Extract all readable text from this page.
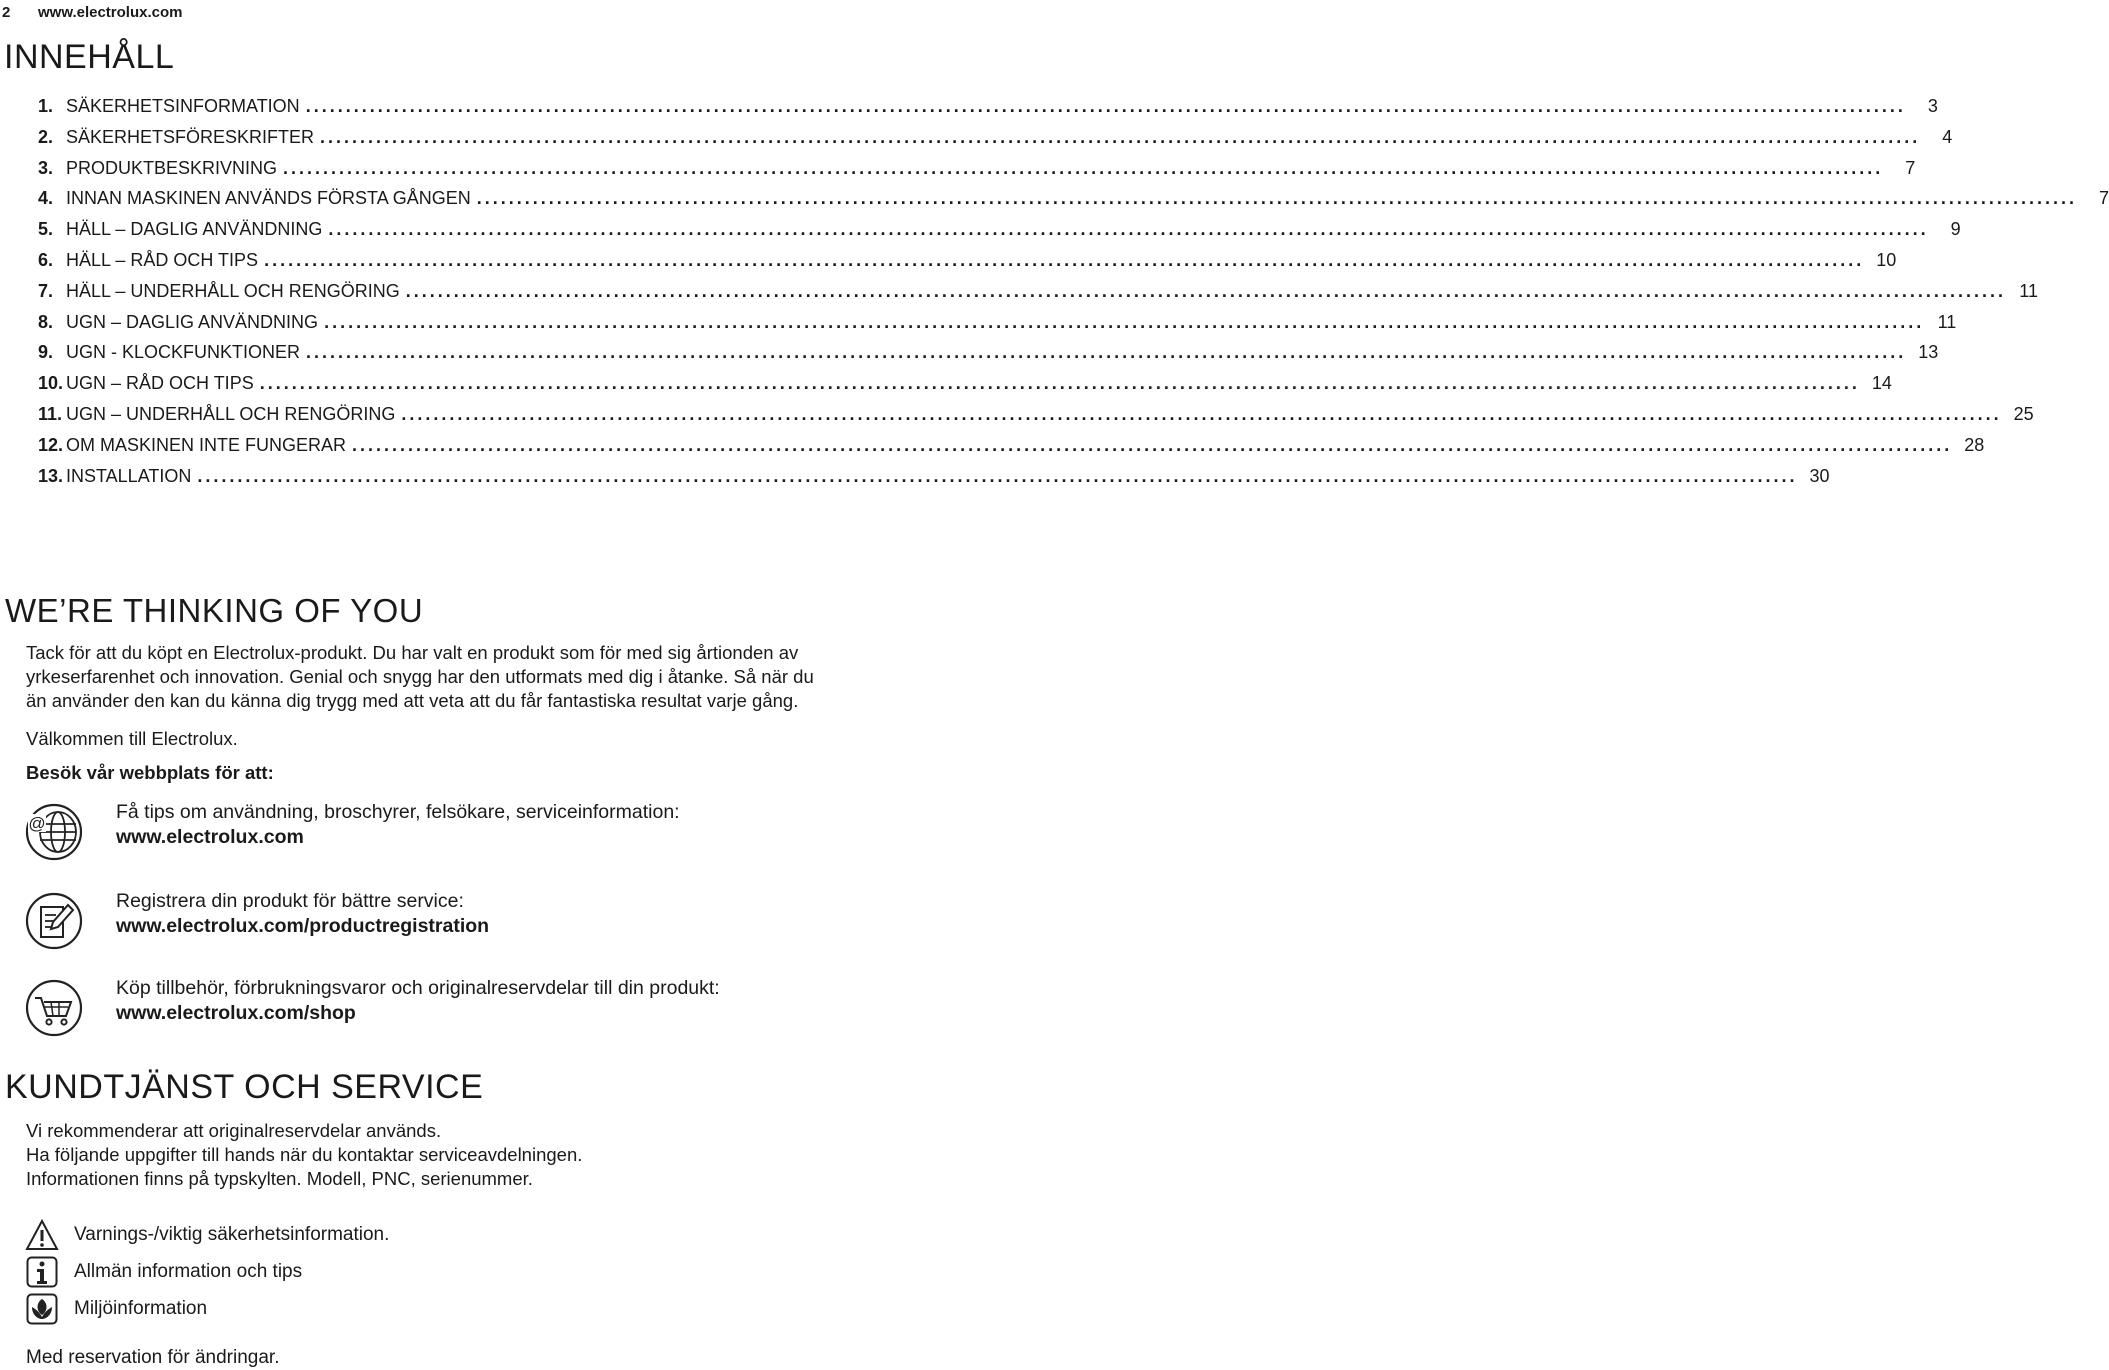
2	www.electrolux.com
INNEHÅLL
1. SÄKERHETSINFORMATION ........................................................................................................................................................................................................	3
2. SÄKERHETSFÖRESKRIFTER ........................................................................................................................................................................................................	4
3. PRODUKTBESKRIVNING ........................................................................................................................................................................................................	7
4. INNAN MASKINEN ANVÄNDS FÖRSTA GÅNGEN ........................................................................................................................................................................................................	7
5. HÄLL – DAGLIG ANVÄNDNING ........................................................................................................................................................................................................	9
6. HÄLL – RÅD OCH TIPS ........................................................................................................................................................................................................ 10
7. HÄLL – UNDERHÅLL OCH RENGÖRING ........................................................................................................................................................................................................ 11
8. UGN – DAGLIG ANVÄNDNING ........................................................................................................................................................................................................ 11
9. UGN - KLOCKFUNKTIONER ........................................................................................................................................................................................................ 13
10. UGN – RÅD OCH TIPS ........................................................................................................................................................................................................ 14
11. UGN – UNDERHÅLL OCH RENGÖRING ........................................................................................................................................................................................................ 25
12. OM MASKINEN INTE FUNGERAR ........................................................................................................................................................................................................ 28
13. INSTALLATION ........................................................................................................................................................................................................ 30
WE’RE THINKING OF YOU
Tack för att du köpt en Electrolux-produkt. Du har valt en produkt som för med sig årtionden av
yrkeserfarenhet och innovation. Genial och snygg har den utformats med dig i åtanke. Så när du
än använder den kan du känna dig trygg med att veta att du får fantastiska resultat varje gång.
Välkommen till Electrolux.
Besök vår webbplats för att:
@
Få tips om användning, broschyrer, felsökare, serviceinformation:
www.electrolux.com
Registrera din produkt för bättre service:
www.electrolux.com/productregistration
Köp tillbehör, förbrukningsvaror och originalreservdelar till din produkt:
www.electrolux.com/shop
KUNDTJÄNST OCH SERVICE
Vi rekommenderar att originalreservdelar används.
Ha följande uppgifter till hands när du kontaktar serviceavdelningen.
Informationen finns på typskylten. Modell, PNC, serienummer.
Varnings-/viktig säkerhetsinformation.
Allmän information och tips
Miljöinformation
Med reservation för ändringar.
